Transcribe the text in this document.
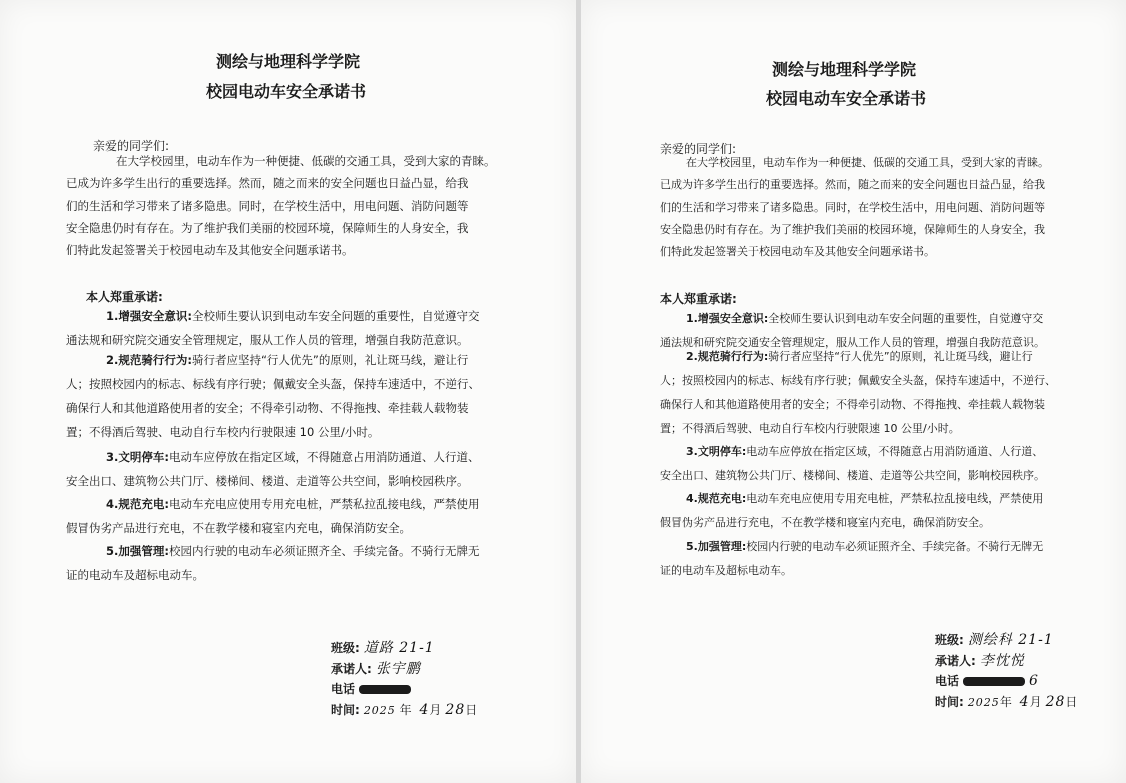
测绘与地理科学学院
校园电动车安全承诺书
亲爱的同学们:

在大学校园里，电动车作为一种便捷、低碳的交通工具，受到大家的青睐。

已成为许多学生出行的重要选择。然而，随之而来的安全问题也日益凸显，给我

们的生活和学习带来了诸多隐患。同时，在学校生活中，用电问题、消防问题等

安全隐患仍时有存在。为了维护我们美丽的校园环境，保障师生的人身安全，我

们特此发起签署关于校园电动车及其他安全问题承诺书。

本人郑重承诺:
1.增强安全意识:全校师生要认识到电动车安全问题的重要性，自觉遵守交
通法规和研究院交通安全管理规定，服从工作人员的管理，增强自我防范意识。
2.规范骑行行为:骑行者应坚持“行人优先”的原则，礼让斑马线，避让行
人；按照校园内的标志、标线有序行驶；佩戴安全头盔，保持车速适中，不逆行、
确保行人和其他道路使用者的安全；不得牵引动物、不得拖拽、牵挂载人载物装
置；不得酒后驾驶、电动自行车校内行驶限速 10 公里/小时。
3.文明停车:电动车应停放在指定区域，不得随意占用消防通道、人行道、
安全出口、建筑物公共门厅、楼梯间、楼道、走道等公共空间，影响校园秩序。
4.规范充电:电动车充电应使用专用充电桩，严禁私拉乱接电线，严禁使用
假冒伪劣产品进行充电，不在教学楼和寝室内充电，确保消防安全。
5.加强管理:校园内行驶的电动车必须证照齐全、手续完备。不骑行无牌无
证的电动车及超标电动车。
班级: 道路 21-1
承诺人: 张宇鹏
电话
时间: 2025 年 4月 28日
测绘与地理科学学院
校园电动车安全承诺书
亲爱的同学们:

在大学校园里，电动车作为一种便捷、低碳的交通工具，受到大家的青睐。

已成为许多学生出行的重要选择。然而，随之而来的安全问题也日益凸显，给我

们的生活和学习带来了诸多隐患。同时，在学校生活中，用电问题、消防问题等

安全隐患仍时有存在。为了维护我们美丽的校园环境，保障师生的人身安全，我

们特此发起签署关于校园电动车及其他安全问题承诺书。

本人郑重承诺:
1.增强安全意识:全校师生要认识到电动车安全问题的重要性，自觉遵守交
通法规和研究院交通安全管理规定，服从工作人员的管理，增强自我防范意识。
2.规范骑行行为:骑行者应坚持“行人优先”的原则，礼让斑马线，避让行
人；按照校园内的标志、标线有序行驶；佩戴安全头盔，保持车速适中，不逆行、
确保行人和其他道路使用者的安全；不得牵引动物、不得拖拽、牵挂载人载物装
置；不得酒后驾驶、电动自行车校内行驶限速 10 公里/小时。
3.文明停车:电动车应停放在指定区域，不得随意占用消防通道、人行道、
安全出口、建筑物公共门厅、楼梯间、楼道、走道等公共空间，影响校园秩序。
4.规范充电:电动车充电应使用专用充电桩，严禁私拉乱接电线，严禁使用
假冒伪劣产品进行充电，不在教学楼和寝室内充电，确保消防安全。
5.加强管理:校园内行驶的电动车必须证照齐全、手续完备。不骑行无牌无
证的电动车及超标电动车。
班级: 测绘科 21-1
承诺人: 李忱悦
电话	6
时间: 2025年 4月 28日
